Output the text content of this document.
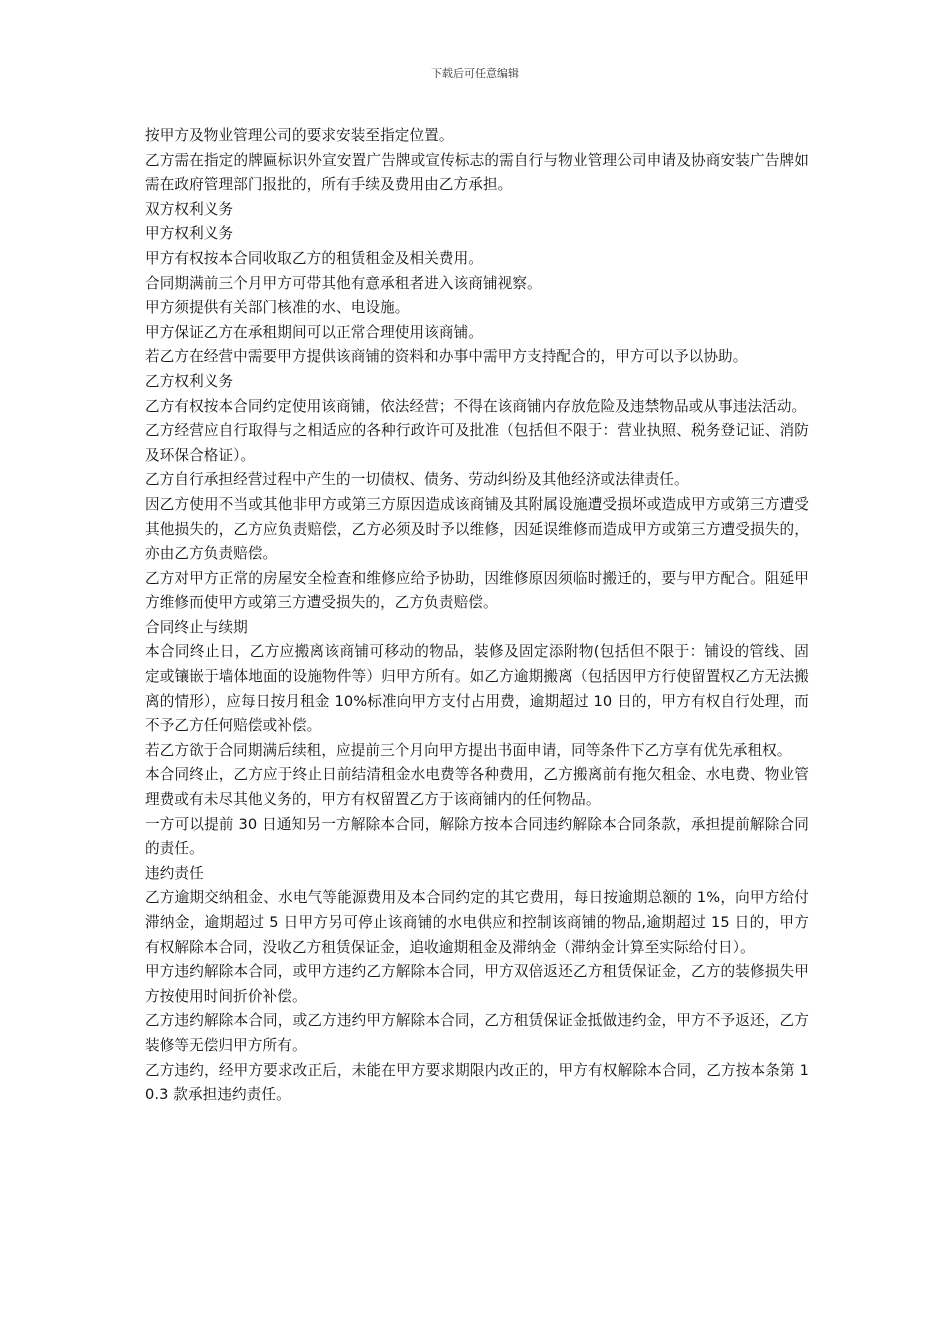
下载后可任意编辑

按甲方及物业管理公司的要求安装至指定位置。

乙方需在指定的牌匾标识外宣安置广告牌或宣传标志的需自行与物业管理公司申请及协商安装广告牌如需在政府管理部门报批的，所有手续及费用由乙方承担。

双方权利义务

甲方权利义务

甲方有权按本合同收取乙方的租赁租金及相关费用。

合同期满前三个月甲方可带其他有意承租者进入该商铺视察。

甲方须提供有关部门核准的水、电设施。

甲方保证乙方在承租期间可以正常合理使用该商铺。

若乙方在经营中需要甲方提供该商铺的资料和办事中需甲方支持配合的，甲方可以予以协助。

乙方权利义务

乙方有权按本合同约定使用该商铺，依法经营；不得在该商铺内存放危险及违禁物品或从事违法活动。

乙方经营应自行取得与之相适应的各种行政许可及批准（包括但不限于：营业执照、税务登记证、消防及环保合格证）。

乙方自行承担经营过程中产生的一切债权、债务、劳动纠纷及其他经济或法律责任。

因乙方使用不当或其他非甲方或第三方原因造成该商铺及其附属设施遭受损坏或造成甲方或第三方遭受其他损失的，乙方应负责赔偿，乙方必须及时予以维修，因延误维修而造成甲方或第三方遭受损失的，亦由乙方负责赔偿。

乙方对甲方正常的房屋安全检查和维修应给予协助，因维修原因须临时搬迁的，要与甲方配合。阻延甲方维修而使甲方或第三方遭受损失的，乙方负责赔偿。

合同终止与续期

本合同终止日，乙方应搬离该商铺可移动的物品，装修及固定添附物(包括但不限于：铺设的管线、固定或镶嵌于墙体地面的设施物件等）归甲方所有。如乙方逾期搬离（包括因甲方行使留置权乙方无法搬离的情形），应每日按月租金 10%标准向甲方支付占用费，逾期超过 10 日的，甲方有权自行处理，而不予乙方任何赔偿或补偿。

若乙方欲于合同期满后续租，应提前三个月向甲方提出书面申请，同等条件下乙方享有优先承租权。

本合同终止，乙方应于终止日前结清租金水电费等各种费用，乙方搬离前有拖欠租金、水电费、物业管理费或有未尽其他义务的，甲方有权留置乙方于该商铺内的任何物品。

一方可以提前 30 日通知另一方解除本合同，解除方按本合同违约解除本合同条款，承担提前解除合同的责任。

违约责任

乙方逾期交纳租金、水电气等能源费用及本合同约定的其它费用，每日按逾期总额的 1%，向甲方给付滞纳金，逾期超过 5 日甲方另可停止该商铺的水电供应和控制该商铺的物品,逾期超过 15 日的，甲方有权解除本合同，没收乙方租赁保证金，追收逾期租金及滞纳金（滞纳金计算至实际给付日）。

甲方违约解除本合同，或甲方违约乙方解除本合同，甲方双倍返还乙方租赁保证金，乙方的装修损失甲方按使用时间折价补偿。

乙方违约解除本合同，或乙方违约甲方解除本合同，乙方租赁保证金抵做违约金，甲方不予返还，乙方装修等无偿归甲方所有。

乙方违约，经甲方要求改正后，未能在甲方要求期限内改正的，甲方有权解除本合同，乙方按本条第 10.3 款承担违约责任。
